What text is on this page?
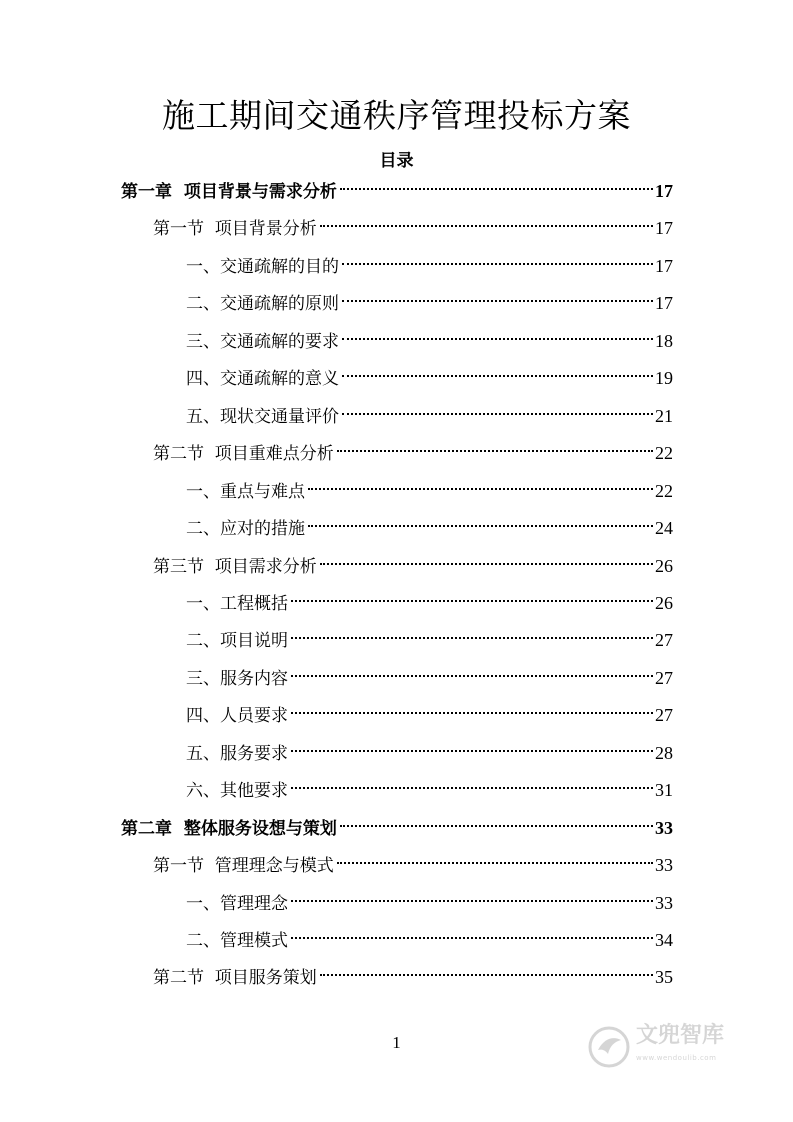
施工期间交通秩序管理投标方案
目录
第一章  项目背景与需求分析	17
第一节  项目背景分析	17
一、交通疏解的目的	17
二、交通疏解的原则	17
三、交通疏解的要求	18
四、交通疏解的意义	19
五、现状交通量评价	21
第二节  项目重难点分析	22
一、重点与难点	22
二、应对的措施	24
第三节  项目需求分析	26
一、工程概括	26
二、项目说明	27
三、服务内容	27
四、人员要求	27
五、服务要求	28
六、其他要求	31
第二章  整体服务设想与策划	33
第一节  管理理念与模式	33
一、管理理念	33
二、管理模式	34
第二节  项目服务策划	35
1	文兜智库
www.wendoulib.com
